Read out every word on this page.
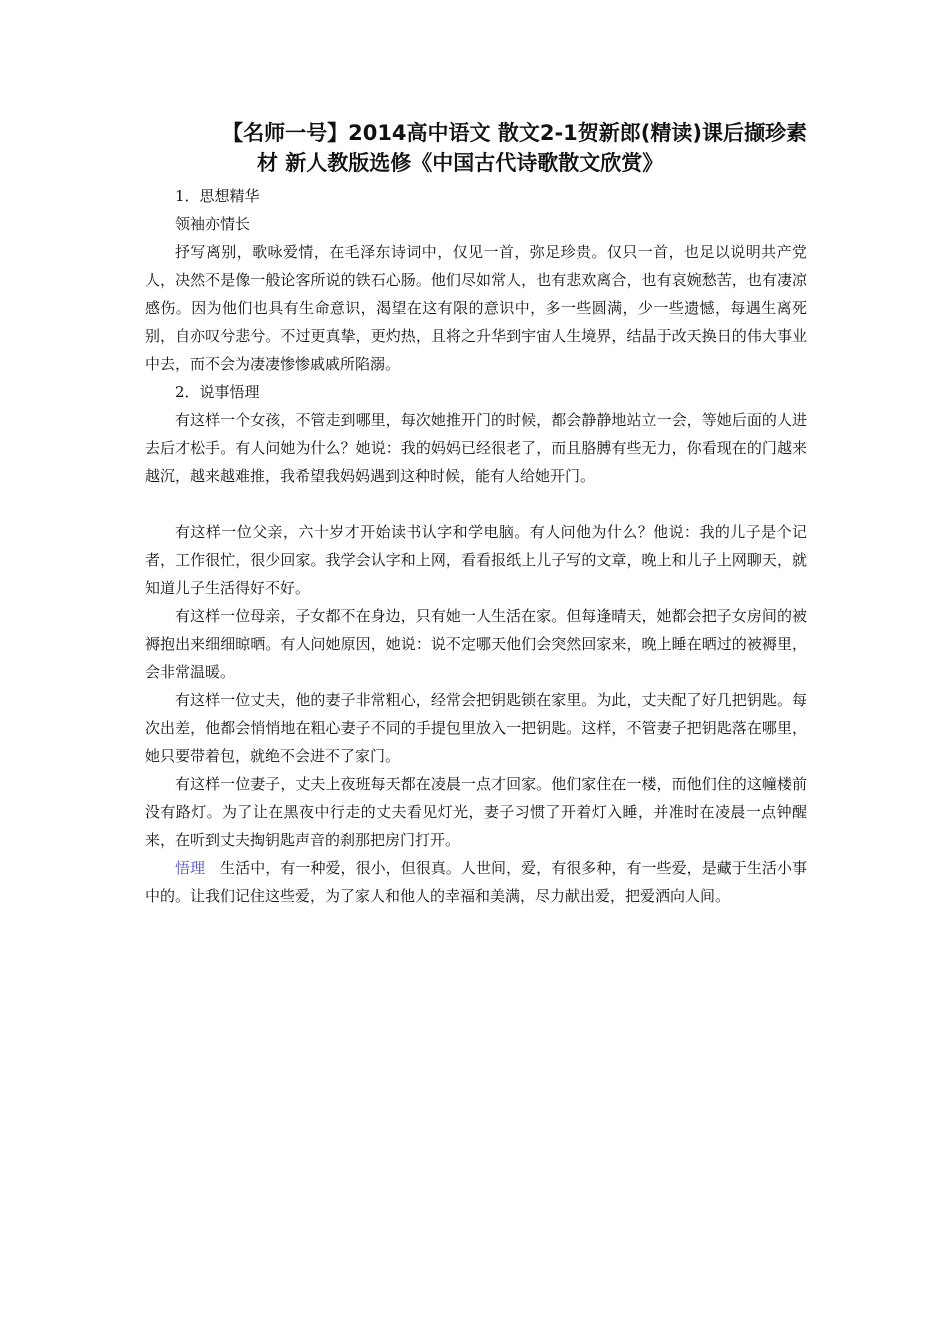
【名师一号】2014高中语文 散文2-1贺新郎(精读)课后撷珍素
材 新人教版选修《中国古代诗歌散文欣赏》

1．思想精华

领袖亦情长

抒写离别，歌咏爱情，在毛泽东诗词中，仅见一首，弥足珍贵。仅只一首，也足以说明共产党人，决然不是像一般论客所说的铁石心肠。他们尽如常人，也有悲欢离合，也有哀婉愁苦，也有凄凉感伤。因为他们也具有生命意识，渴望在这有限的意识中，多一些圆满，少一些遗憾，每遇生离死别，自亦叹兮悲兮。不过更真挚，更灼热，且将之升华到宇宙人生境界，结晶于改天换日的伟大事业中去，而不会为凄凄惨惨戚戚所陷溺。

2．说事悟理

有这样一个女孩，不管走到哪里，每次她推开门的时候，都会静静地站立一会，等她后面的人进去后才松手。有人问她为什么？她说：我的妈妈已经很老了，而且胳膊有些无力，你看现在的门越来越沉，越来越难推，我希望我妈妈遇到这种时候，能有人给她开门。

有这样一位父亲，六十岁才开始读书认字和学电脑。有人问他为什么？他说：我的儿子是个记者，工作很忙，很少回家。我学会认字和上网，看看报纸上儿子写的文章，晚上和儿子上网聊天，就知道儿子生活得好不好。

有这样一位母亲，子女都不在身边，只有她一人生活在家。但每逢晴天，她都会把子女房间的被褥抱出来细细晾晒。有人问她原因，她说：说不定哪天他们会突然回家来，晚上睡在晒过的被褥里，会非常温暖。

有这样一位丈夫，他的妻子非常粗心，经常会把钥匙锁在家里。为此，丈夫配了好几把钥匙。每次出差，他都会悄悄地在粗心妻子不同的手提包里放入一把钥匙。这样，不管妻子把钥匙落在哪里，她只要带着包，就绝不会进不了家门。

有这样一位妻子，丈夫上夜班每天都在凌晨一点才回家。他们家住在一楼，而他们住的这幢楼前没有路灯。为了让在黑夜中行走的丈夫看见灯光，妻子习惯了开着灯入睡，并准时在凌晨一点钟醒来，在听到丈夫掏钥匙声音的刹那把房门打开。

悟理  生活中，有一种爱，很小，但很真。人世间，爱，有很多种，有一些爱，是藏于生活小事中的。让我们记住这些爱，为了家人和他人的幸福和美满，尽力献出爱，把爱洒向人间。
